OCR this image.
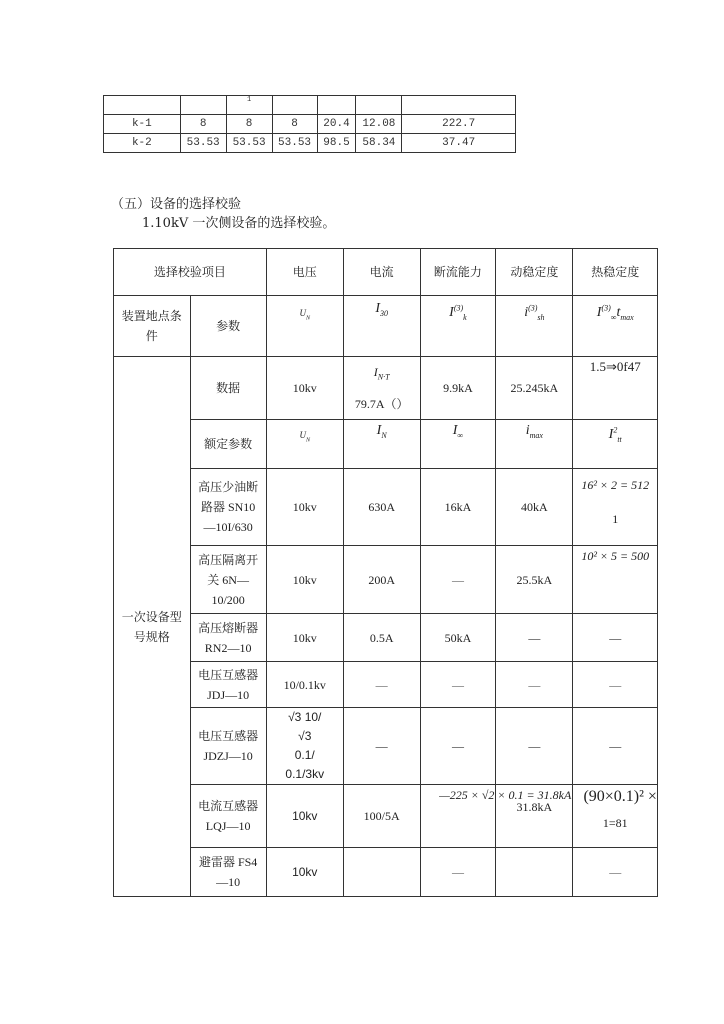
		1				
k-1	8	8	8	20.4	12.08	222.7
k-2	53.53	53.53	53.53	98.5	58.34	37.47
（五）设备的选择校验
1.10kV 一次侧设备的选择校验。
选择校验项目		电压	电流	断流能力	动稳定度	热稳定度
装置地点条件	参数	$U_N$	$I_{30}$	$I^{(3)}_k$	$i^{(3)}_{sh}$	$I^{(3)}_\infty t_{max}$
一次设备型号规格	数据	10kv	$I_{N\cdot T}$
79.7A（）	9.9kA	25.245kA	1.5⇒0f47
	额定参数	$U_N$	$I_N$	$I_\infty$	$i_{max}$	$I^2_{tt}$
	高压少油断路器 SN10—10I/630	10kv	630A	16kA	40kA	16² × 2 = 512
1

	高压隔离开关 6N—10/200	10kv	200A	—	25.5kA	10² × 5 = 500
	高压熔断器 RN2—10	10kv	0.5A	50kA	—	—
	电压互感器 JDJ—10	10/0.1kv	—	—	—	—
	电压互感器 JDZJ—10	√3 10/
√3
0.1/
0.1/3kv	—	—	—	—
	电流互感器 LQJ—10	10kv	100/5A	—225 × √2 × 0.1 = 31.8kA	31.8kA	(90×0.1)² ×
1=81

	避雷器 FS4—10	10kv		—		—
